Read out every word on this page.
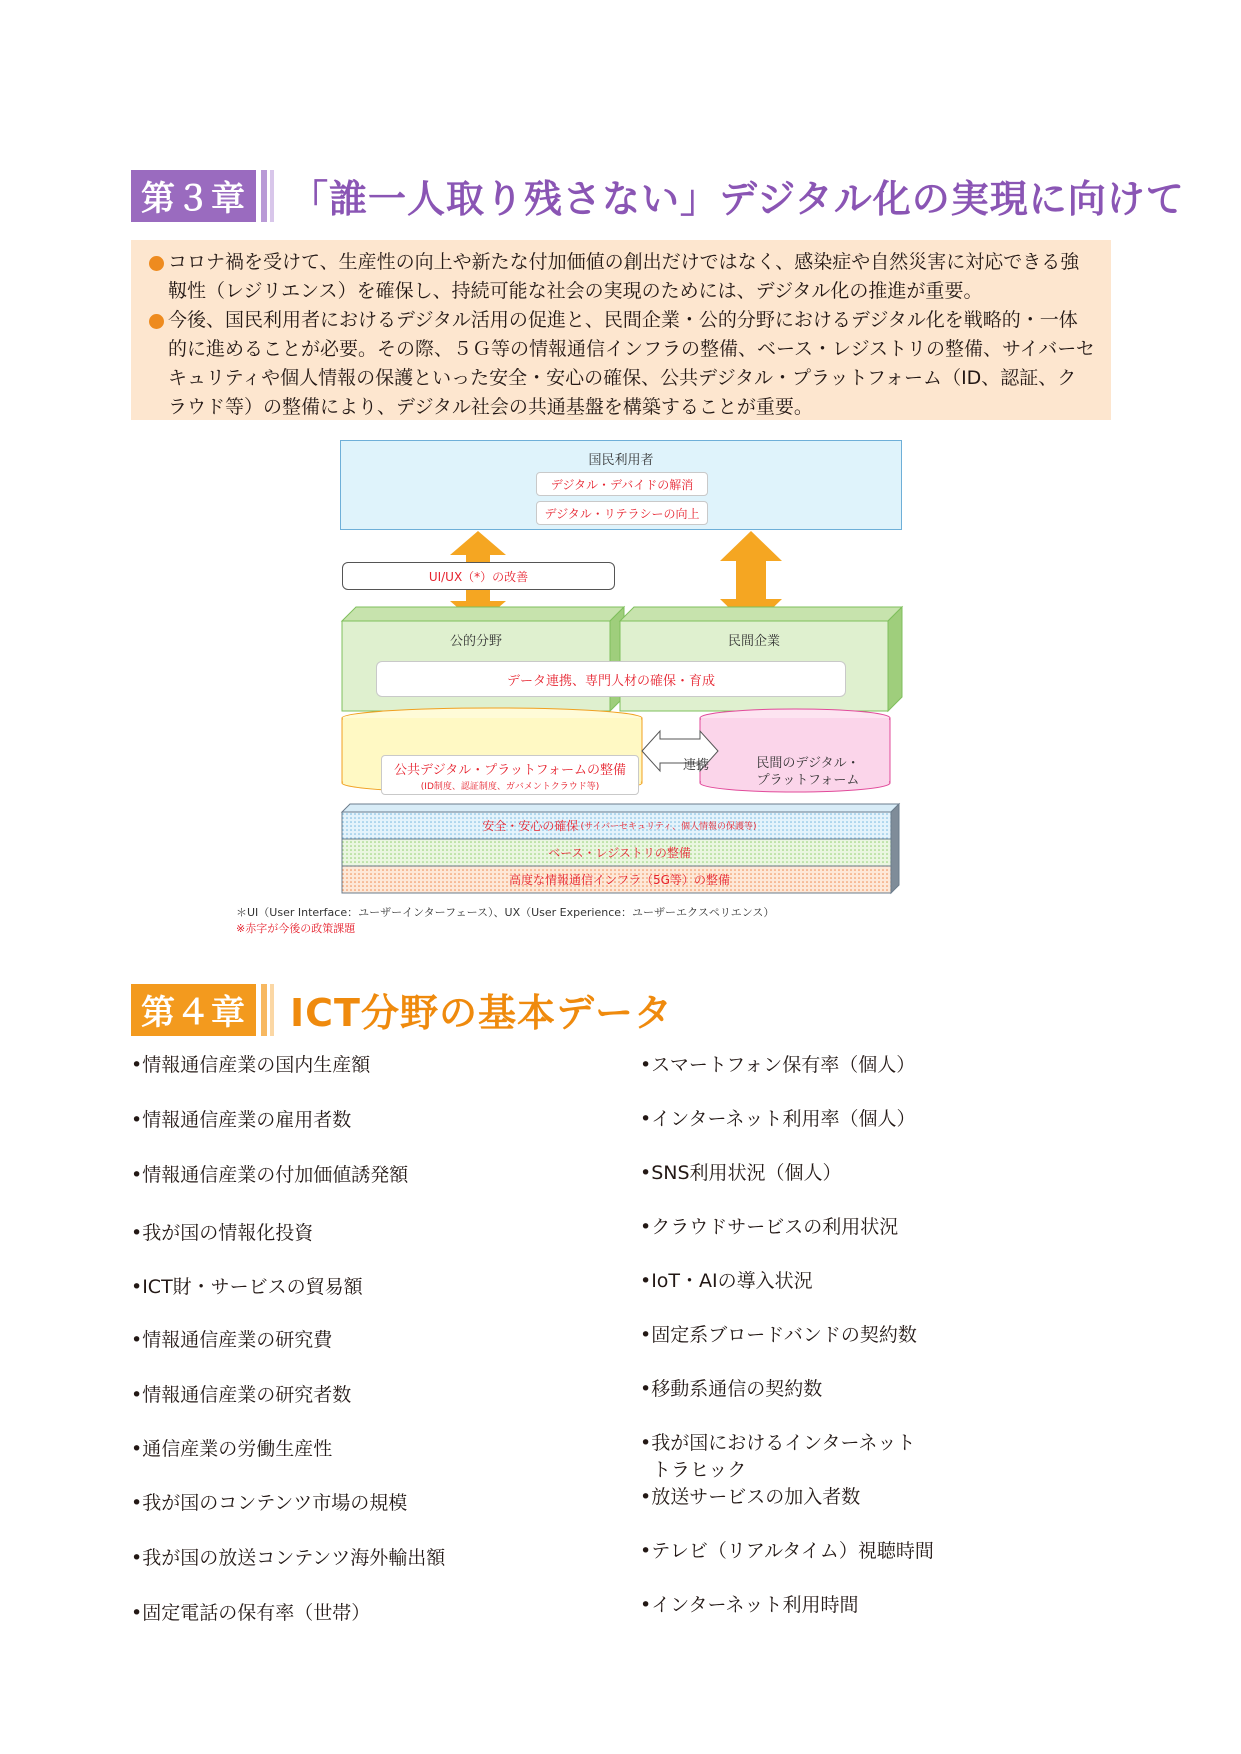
第３章 「誰一人取り残さない」デジタル化の実現に向けて

コロナ禍を受けて、生産性の向上や新たな付加価値の創出だけではなく、感染症や自然災害に対応できる強靱性（レジリエンス）を確保し、持続可能な社会の実現のためには、デジタル化の推進が重要。

今後、国民利用者におけるデジタル活用の促進と、民間企業・公的分野におけるデジタル化を戦略的・一体的に進めることが必要。その際、５Ｇ等の情報通信インフラの整備、ベース・レジストリの整備、サイバーセキュリティや個人情報の保護といった安全・安心の確保、公共デジタル・プラットフォーム（ID、認証、クラウド等）の整備により、デジタル社会の共通基盤を構築することが重要。

国民利用者
デジタル・デバイドの解消
デジタル・リテラシーの向上
UI/UX（*）の改善
公的分野	民間企業
データ連携、専門人材の確保・育成
公共デジタル・プラットフォームの整備
(ID制度、認証制度、ガバメントクラウド等)
連携	民間のデジタル・
プラットフォーム
安全・安心の確保 (サイバーセキュリティ、個人情報の保護等)
ベース・レジストリの整備
高度な情報通信インフラ（5G等）の整備
＊UI（User Interface：ユーザーインターフェース）、UX（User Experience：ユーザーエクスペリエンス）
※赤字が今後の政策課題
第４章 ICT分野の基本データ
•情報通信産業の国内生産額
•情報通信産業の雇用者数
•情報通信産業の付加価値誘発額
•我が国の情報化投資
•ICT財・サービスの貿易額
•情報通信産業の研究費
•情報通信産業の研究者数
•通信産業の労働生産性
•我が国のコンテンツ市場の規模
•我が国の放送コンテンツ海外輸出額
•固定電話の保有率（世帯）
•スマートフォン保有率（個人）
•インターネット利用率（個人）
•SNS利用状況（個人）
•クラウドサービスの利用状況
•IoT・AIの導入状況
•固定系ブロードバンドの契約数
•移動系通信の契約数
•我が国におけるインターネット
トラヒック
•放送サービスの加入者数
•テレビ（リアルタイム）視聴時間
•インターネット利用時間
